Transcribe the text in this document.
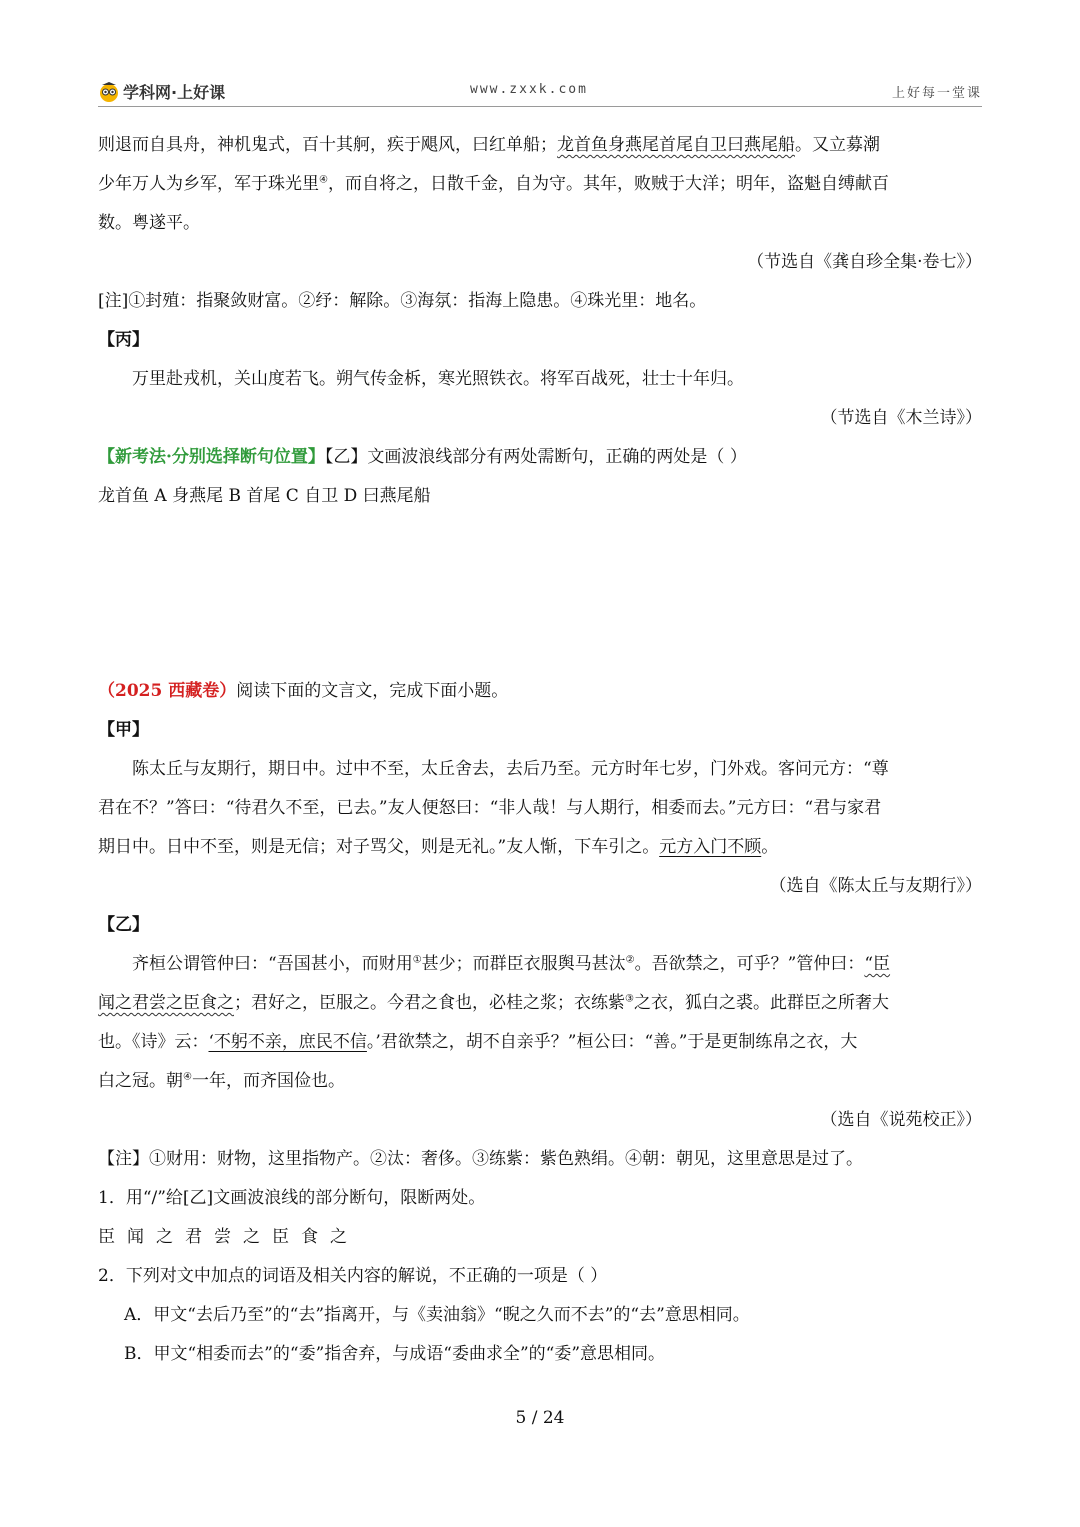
学科网·上好课	www.zxxk.com	上好每一堂课

则退而自具舟，神机鬼式，百十其舸，疾于飓风，曰红单船；龙首鱼身燕尾首尾自卫曰燕尾船。又立募潮

少年万人为乡军，军于珠光里④，而自将之，日散千金，自为守。其年，败贼于大洋；明年，盗魁自缚献百

数。粤遂平。

（节选自《龚自珍全集·卷七》）

[注]①封殖：指聚敛财富。②纾：解除。③海氛：指海上隐患。④珠光里：地名。

【丙】

万里赴戎机，关山度若飞。朔气传金柝，寒光照铁衣。将军百战死，壮士十年归。

（节选自《木兰诗》）

【新考法·分别选择断句位置】【乙】文画波浪线部分有两处需断句，正确的两处是（ ）

龙首鱼 A 身燕尾 B 首尾 C 自卫 D 曰燕尾船

（2025 西藏卷）阅读下面的文言文，完成下面小题。

【甲】

陈太丘与友期行，期日中。过中不至，太丘舍去，去后乃至。元方时年七岁，门外戏。客问元方：“尊

君在不？”答曰：“待君久不至，已去。”友人便怒曰：“非人哉！与人期行，相委而去。”元方曰：“君与家君

期日中。日中不至，则是无信；对子骂父，则是无礼。”友人惭，下车引之。元方入门不顾。

（选自《陈太丘与友期行》）

【乙】

齐桓公谓管仲曰：“吾国甚小，而财用①甚少；而群臣衣服舆马甚汰②。吾欲禁之，可乎？”管仲曰：“臣

闻之君尝之臣食之；君好之，臣服之。今君之食也，必桂之浆；衣练紫③之衣，狐白之裘。此群臣之所奢大

也。《诗》云：‘不躬不亲，庶民不信。’君欲禁之，胡不自亲乎？”桓公曰：“善。”于是更制练帛之衣，大

白之冠。朝④一年，而齐国俭也。

（选自《说苑校正》）

【注】①财用：财物，这里指物产。②汰：奢侈。③练紫：紫色熟绢。④朝：朝见，这里意思是过了。

1．用“/”给[乙]文画波浪线的部分断句，限断两处。

臣闻之君尝之臣食之

2．下列对文中加点的词语及相关内容的解说，不正确的一项是（ ）

A．甲文“去后乃至”的“去”指离开，与《卖油翁》“睨之久而不去”的“去”意思相同。

B．甲文“相委而去”的“委”指舍弃，与成语“委曲求全”的“委”意思相同。

5 / 24
